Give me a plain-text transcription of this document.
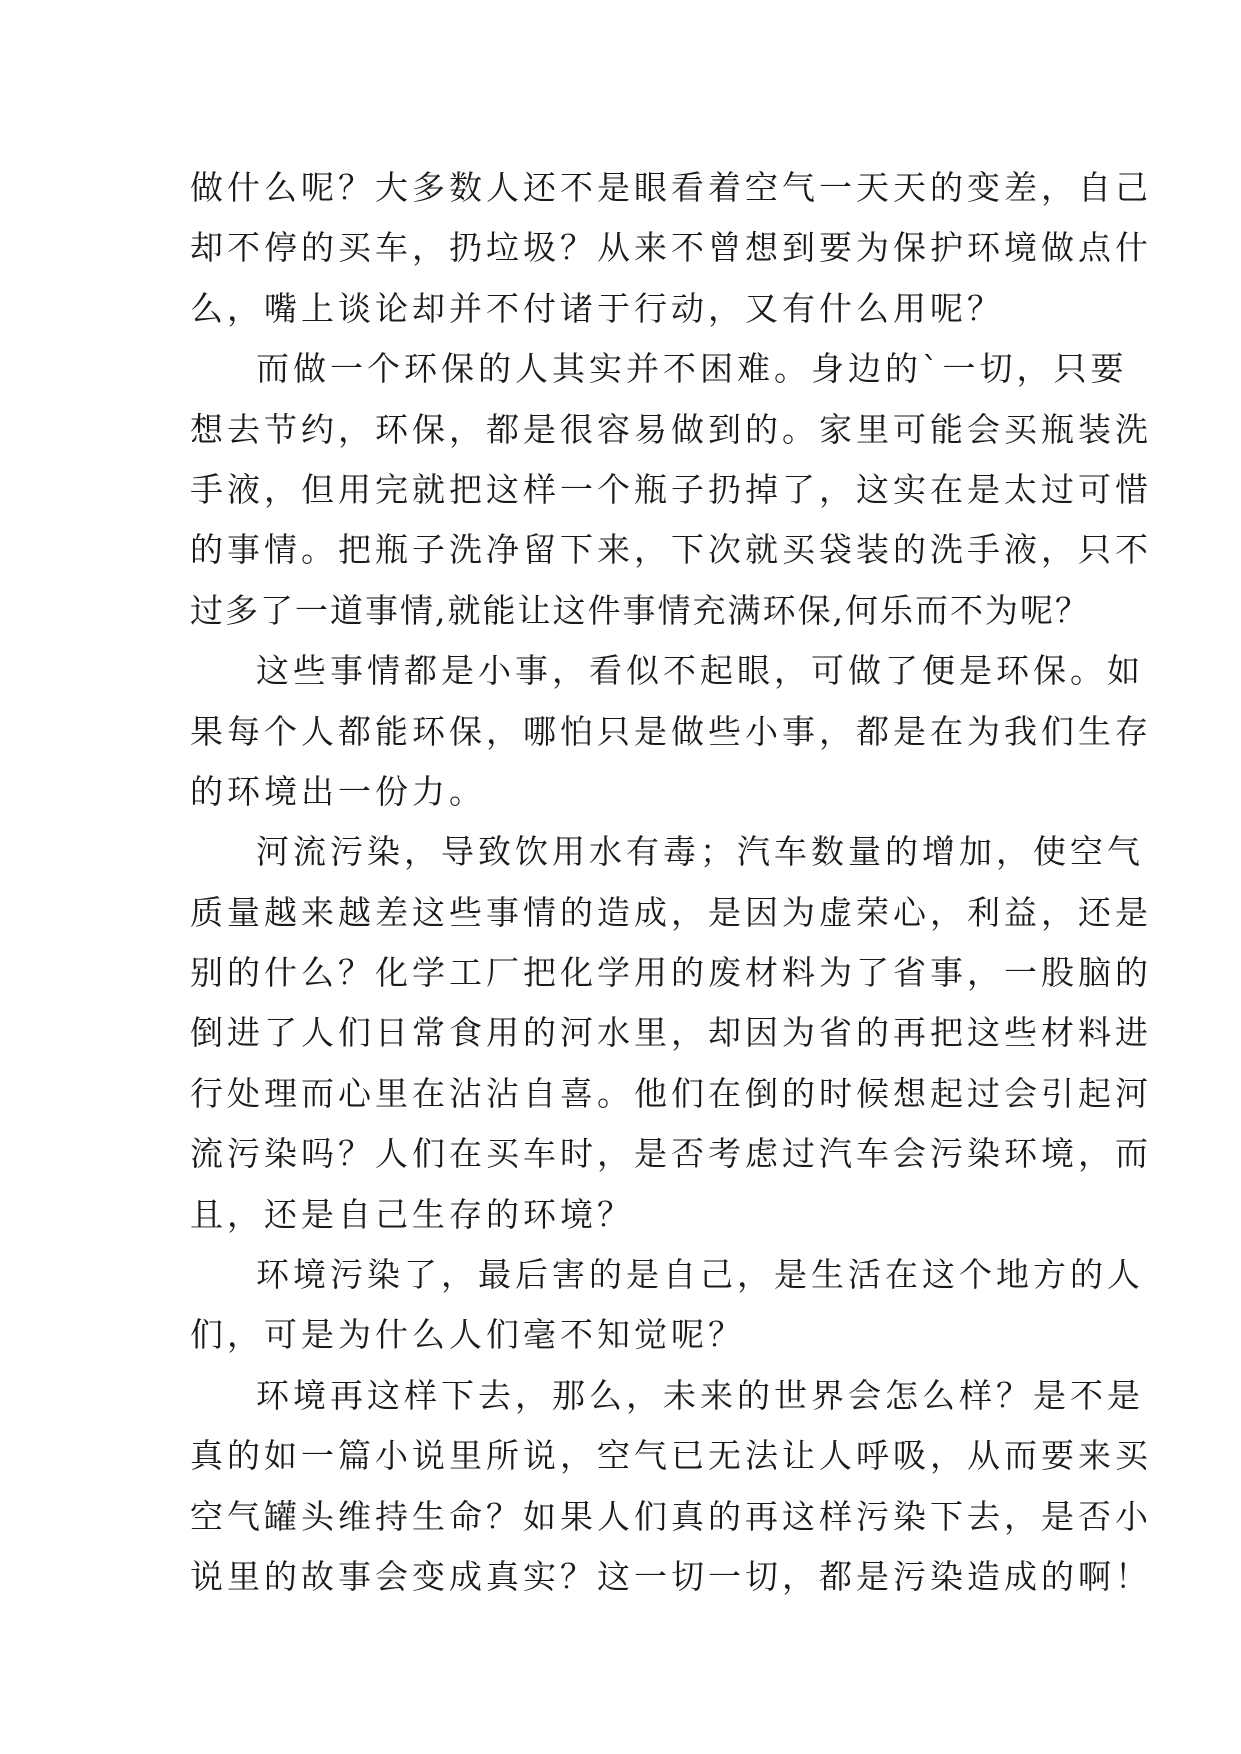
做什么呢？大多数人还不是眼看着空气一天天的变差，自己
却不停的买车，扔垃圾？从来不曾想到要为保护环境做点什
么，嘴上谈论却并不付诸于行动，又有什么用呢？
而做一个环保的人其实并不困难。身边的`一切，只要
想去节约，环保，都是很容易做到的。家里可能会买瓶装洗
手液，但用完就把这样一个瓶子扔掉了，这实在是太过可惜
的事情。把瓶子洗净留下来，下次就买袋装的洗手液，只不
过多了一道事情,就能让这件事情充满环保,何乐而不为呢？
这些事情都是小事，看似不起眼，可做了便是环保。如
果每个人都能环保，哪怕只是做些小事，都是在为我们生存
的环境出一份力。
河流污染，导致饮用水有毒；汽车数量的增加，使空气
质量越来越差这些事情的造成，是因为虚荣心，利益，还是
别的什么？化学工厂把化学用的废材料为了省事，一股脑的
倒进了人们日常食用的河水里，却因为省的再把这些材料进
行处理而心里在沾沾自喜。他们在倒的时候想起过会引起河
流污染吗？人们在买车时，是否考虑过汽车会污染环境，而
且，还是自己生存的环境？
环境污染了，最后害的是自己，是生活在这个地方的人
们，可是为什么人们毫不知觉呢？
环境再这样下去，那么，未来的世界会怎么样？是不是
真的如一篇小说里所说，空气已无法让人呼吸，从而要来买
空气罐头维持生命？如果人们真的再这样污染下去，是否小
说里的故事会变成真实？这一切一切，都是污染造成的啊！
